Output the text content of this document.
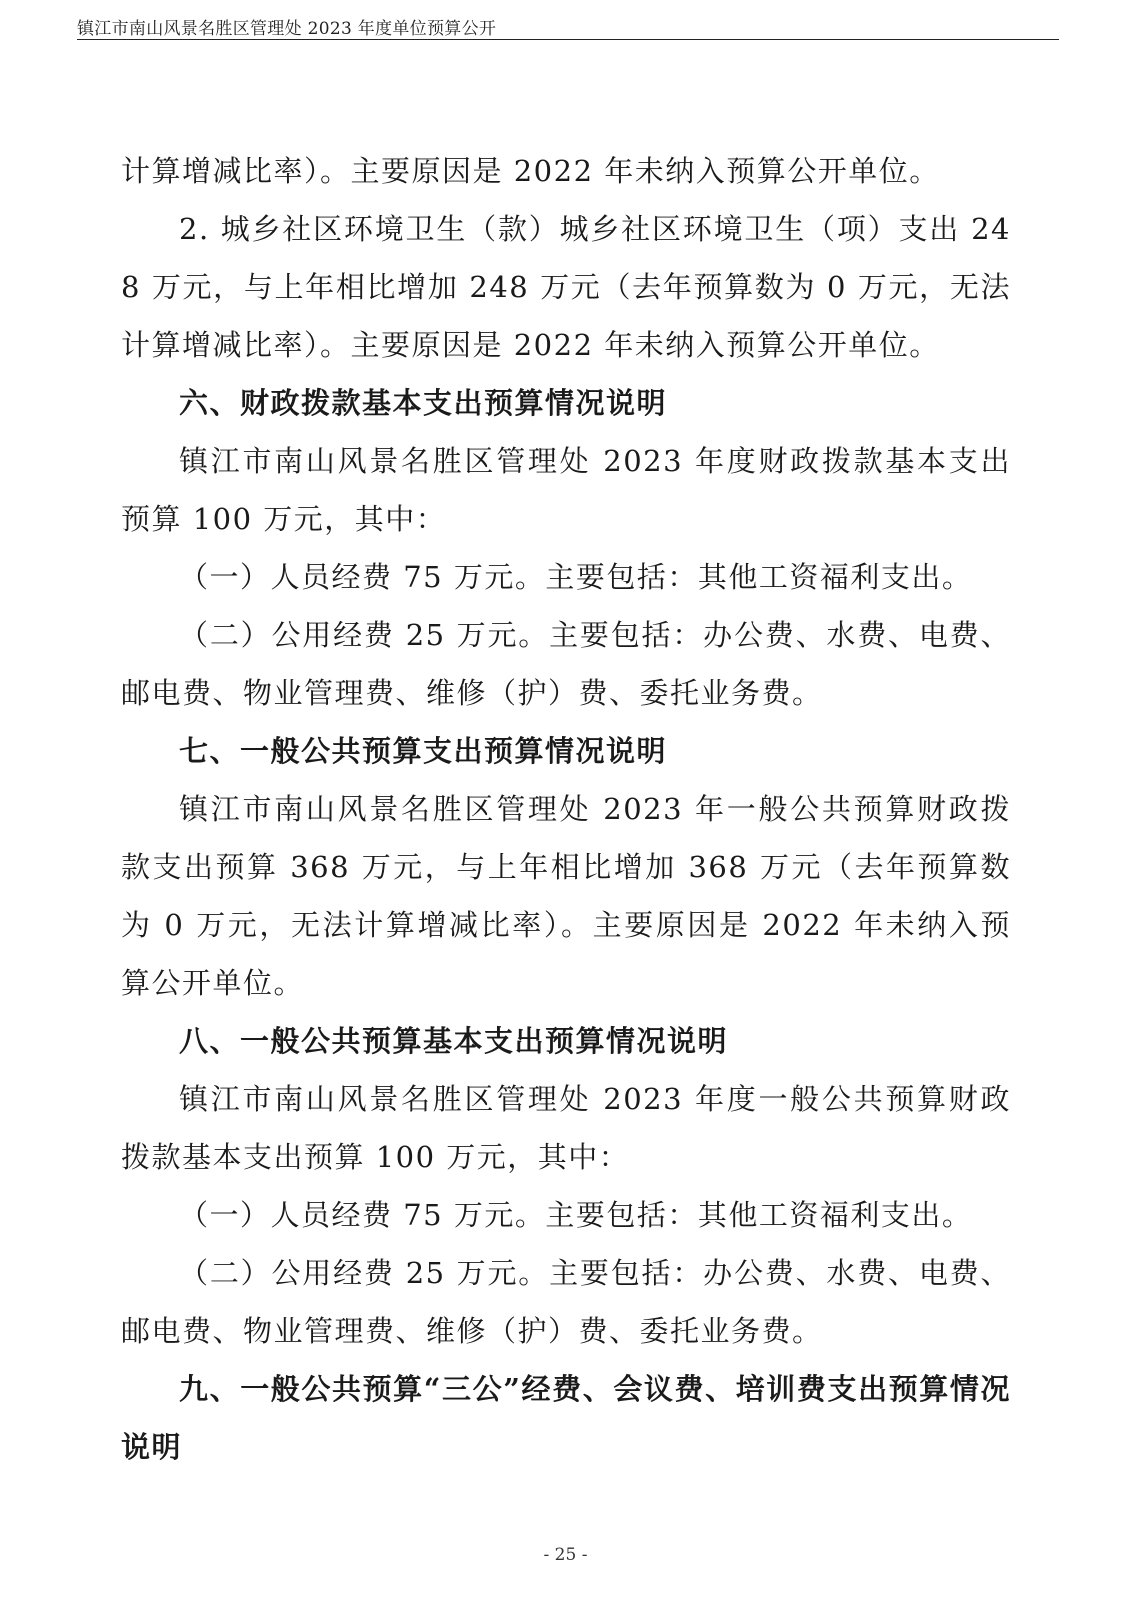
镇江市南山风景名胜区管理处 2023 年度单位预算公开

计算增减比率）。主要原因是 2022 年未纳入预算公开单位。

2. 城乡社区环境卫生（款）城乡社区环境卫生（项）支出 248 万元，与上年相比增加 248 万元（去年预算数为 0 万元，无法计算增减比率）。主要原因是 2022 年未纳入预算公开单位。

六、财政拨款基本支出预算情况说明

镇江市南山风景名胜区管理处 2023 年度财政拨款基本支出预算 100 万元，其中：

（一）人员经费 75 万元。主要包括：其他工资福利支出。

（二）公用经费 25 万元。主要包括：办公费、水费、电费、邮电费、物业管理费、维修（护）费、委托业务费。

七、一般公共预算支出预算情况说明

镇江市南山风景名胜区管理处 2023 年一般公共预算财政拨款支出预算 368 万元，与上年相比增加 368 万元（去年预算数为 0 万元，无法计算增减比率）。主要原因是 2022 年未纳入预算公开单位。

八、一般公共预算基本支出预算情况说明

镇江市南山风景名胜区管理处 2023 年度一般公共预算财政拨款基本支出预算 100 万元，其中：

（一）人员经费 75 万元。主要包括：其他工资福利支出。

（二）公用经费 25 万元。主要包括：办公费、水费、电费、邮电费、物业管理费、维修（护）费、委托业务费。

九、一般公共预算“三公”经费、会议费、培训费支出预算情况说明

- 25 -
